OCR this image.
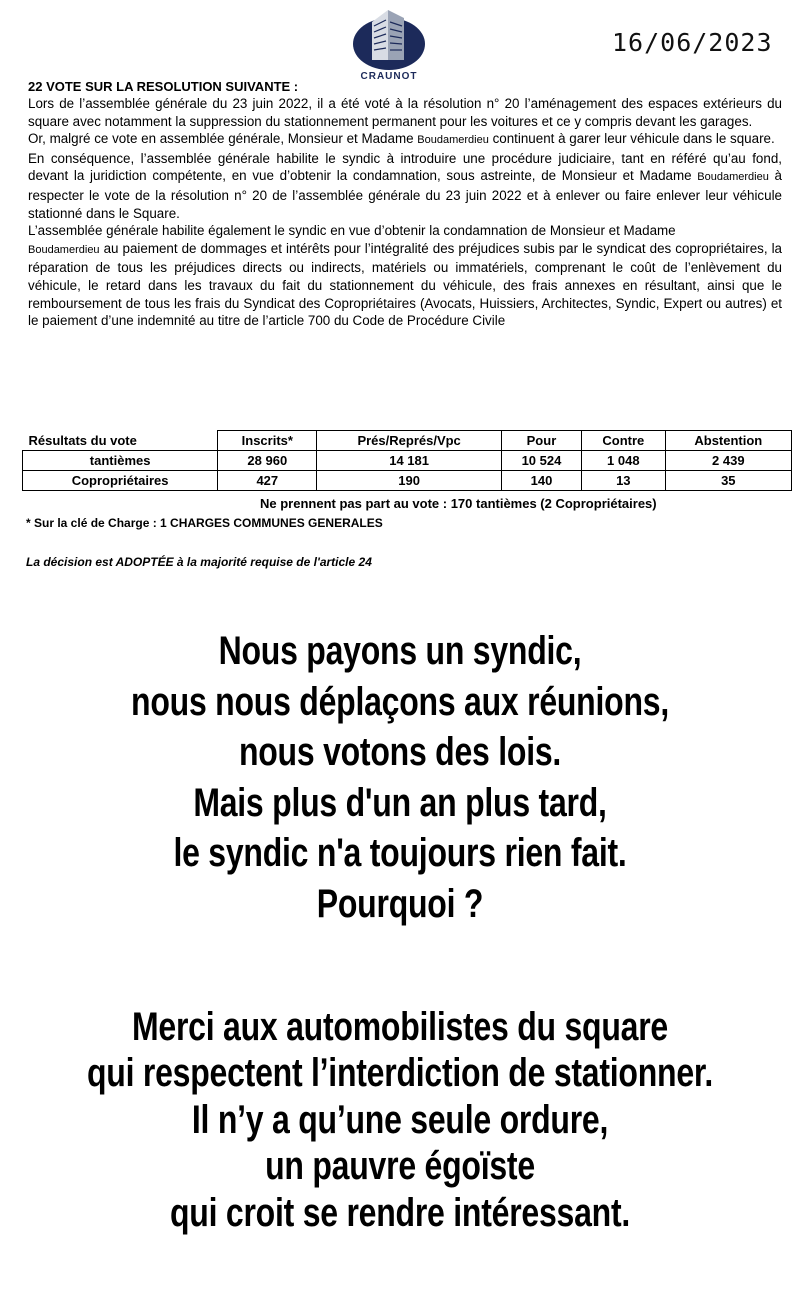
CRAUNOT
16/06/2023
22 VOTE SUR LA RESOLUTION SUIVANTE :

Lors de l’assemblée générale du 23 juin 2022, il a été voté à la résolution n° 20 l’aménagement des espaces extérieurs du square avec notamment la suppression du stationnement permanent pour les voitures et ce y compris devant les garages.

Or, malgré ce vote en assemblée générale, Monsieur et Madame Boudamerdieu continuent à garer leur véhicule dans le square.

En conséquence, l’assemblée générale habilite le syndic à introduire une procédure judiciaire, tant en référé qu’au fond, devant la juridiction compétente, en vue d’obtenir la condamnation, sous astreinte, de Monsieur et Madame Boudamerdieu à respecter le vote de la résolution n° 20 de l’assemblée générale du 23 juin 2022 et à enlever ou faire enlever leur véhicule stationné dans le Square.

L’assemblée générale habilite également le syndic en vue d’obtenir la condamnation de Monsieur et Madame
Boudamerdieu au paiement de dommages et intérêts pour l’intégralité des préjudices subis par le syndicat des copropriétaires, la réparation de tous les préjudices directs ou indirects, matériels ou immatériels, comprenant le coût de l’enlèvement du véhicule, le retard dans les travaux du fait du stationnement du véhicule, des frais annexes en résultant, ainsi que le remboursement de tous les frais du Syndicat des Copropriétaires (Avocats, Huissiers, Architectes, Syndic, Expert ou autres) et le paiement d’une indemnité au titre de l’article 700 du Code de Procédure Civile

Résultats du vote	Inscrits*	Prés/Représ/Vpc	Pour	Contre	Abstention
tantièmes	28 960	14 181	10 524	1 048	2 439
Copropriétaires	427	190	140	13	35
Ne prennent pas part au vote : 170 tantièmes (2 Copropriétaires)
* Sur la clé de Charge : 1 CHARGES COMMUNES GENERALES
La décision est ADOPTÉE à la majorité requise de l'article 24
Nous payons un syndic,
nous nous déplaçons aux réunions,
nous votons des lois.
Mais plus d'un an plus tard,
le syndic n'a toujours rien fait.
Pourquoi ?
Merci aux automobilistes du square
qui respectent l’interdiction de stationner.
Il n’y a qu’une seule ordure,
un pauvre égoïste
qui croit se rendre intéressant.
